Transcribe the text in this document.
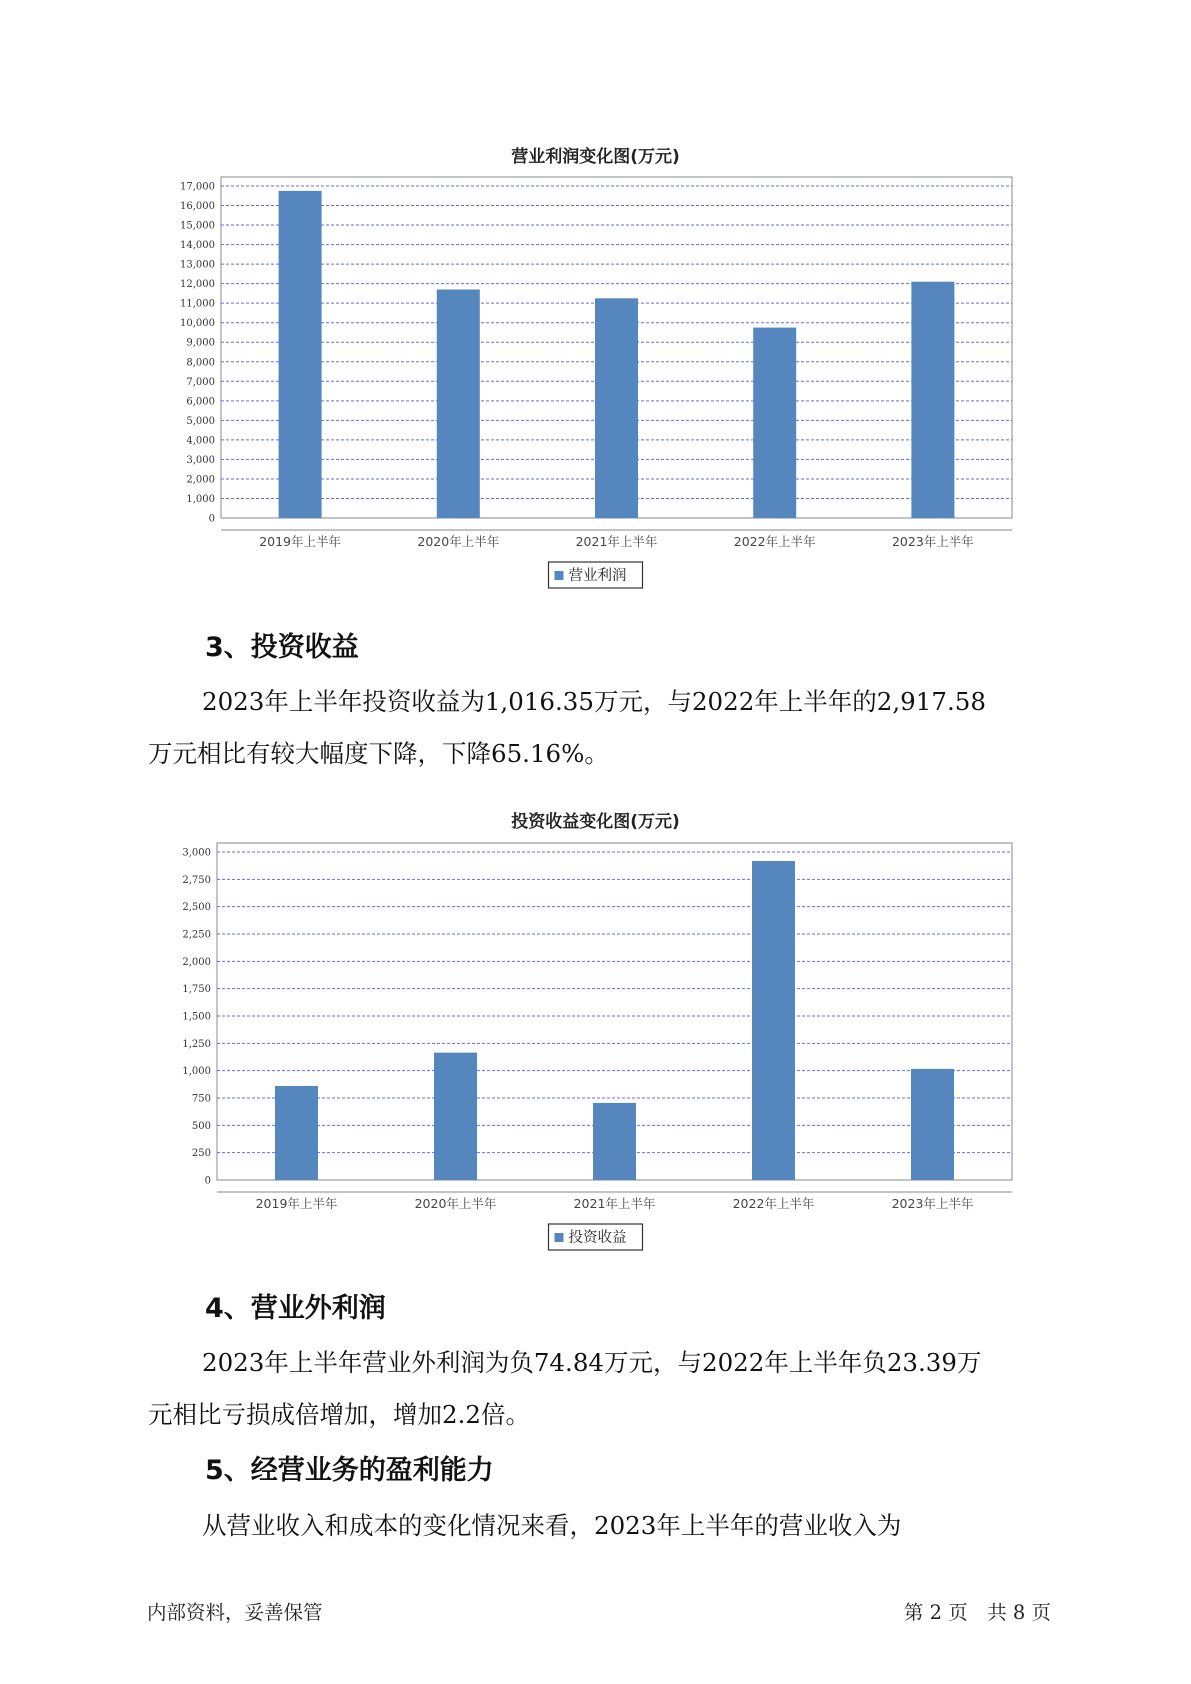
营业利润变化图(万元)
0
1,000
2,000
3,000
4,000
5,000
6,000
7,000
8,000
9,000
10,000
11,000
12,000
13,000
14,000
15,000
16,000
17,000
2019年上半年	2020年上半年	2021年上半年	2022年上半年	2023年上半年
营业利润
3、投资收益
2023年上半年投资收益为1,016.35万元，与2022年上半年的2,917.58
万元相比有较大幅度下降，下降65.16%。
投资收益变化图(万元)
0
250
500
750
1,000
1,250
1,500
1,750
2,000
2,250
2,500
2,750
3,000
2019年上半年	2020年上半年	2021年上半年	2022年上半年	2023年上半年
投资收益
4、营业外利润
2023年上半年营业外利润为负74.84万元，与2022年上半年负23.39万
元相比亏损成倍增加，增加2.2倍。
5、经营业务的盈利能力
从营业收入和成本的变化情况来看，2023年上半年的营业收入为
内部资料，妥善保管	第 2 页　共 8 页
